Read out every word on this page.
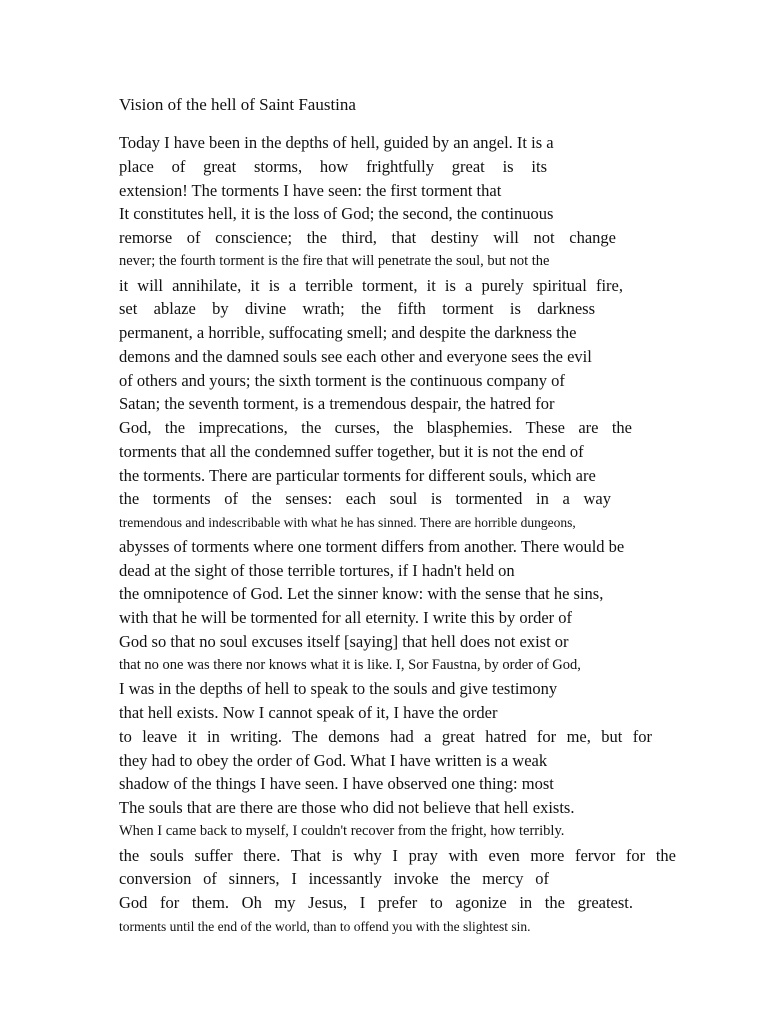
Vision of the hell of Saint Faustina
Today I have been in the depths of hell, guided by an angel. It is a
place of great storms, how frightfully great is its
extension! The torments I have seen: the first torment that
It constitutes hell, it is the loss of God; the second, the continuous
remorse of conscience; the third, that destiny will not change
never; the fourth torment is the fire that will penetrate the soul, but not the
it will annihilate, it is a terrible torment, it is a purely spiritual fire,
set ablaze by divine wrath; the fifth torment is darkness
permanent, a horrible, suffocating smell; and despite the darkness the
demons and the damned souls see each other and everyone sees the evil
of others and yours; the sixth torment is the continuous company of
Satan; the seventh torment, is a tremendous despair, the hatred for
God, the imprecations, the curses, the blasphemies. These are the
torments that all the condemned suffer together, but it is not the end of
the torments. There are particular torments for different souls, which are
the torments of the senses: each soul is tormented in a way
tremendous and indescribable with what he has sinned. There are horrible dungeons,
abysses of torments where one torment differs from another. There would be
dead at the sight of those terrible tortures, if I hadn't held on
the omnipotence of God. Let the sinner know: with the sense that he sins,
with that he will be tormented for all eternity. I write this by order of
God so that no soul excuses itself [saying] that hell does not exist or
that no one was there nor knows what it is like. I, Sor Faustna, by order of God,
I was in the depths of hell to speak to the souls and give testimony
that hell exists. Now I cannot speak of it, I have the order
to leave it in writing. The demons had a great hatred for me, but for
they had to obey the order of God. What I have written is a weak
shadow of the things I have seen. I have observed one thing: most
The souls that are there are those who did not believe that hell exists.
When I came back to myself, I couldn't recover from the fright, how terribly.
the souls suffer there. That is why I pray with even more fervor for the
conversion of sinners, I incessantly invoke the mercy of
God for them. Oh my Jesus, I prefer to agonize in the greatest.
torments until the end of the world, than to offend you with the slightest sin.
